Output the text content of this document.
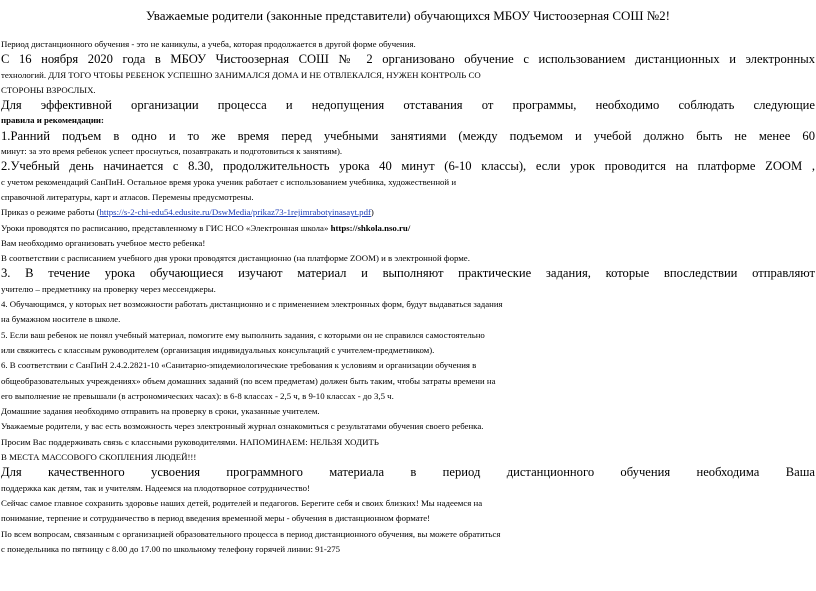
Уважаемые родители (законные представители) обучающихся МБОУ Чистоозерная СОШ №2!
Период дистанционного обучения - это не каникулы, а учеба, которая продолжается в другой форме обучения.
С 16 ноября 2020 года в МБОУ Чистоозерная СОШ № 2 организовано обучение с использованием дистанционных и электронных
технологий. ДЛЯ ТОГО ЧТОБЫ РЕБЕНОК УСПЕШНО ЗАНИМАЛСЯ ДОМА И НЕ ОТВЛЕКАЛСЯ, НУЖЕН КОНТРОЛЬ СО
СТОРОНЫ ВЗРОСЛЫХ.
Для эффективной организации процесса и недопущения отставания от программы, необходимо соблюдать следующие
правила и рекомендации:
1.Ранний подъем в одно и то же время перед учебными занятиями (между подъемом и учебой должно быть не менее 60
минут: за это время ребенок успеет проснуться, позавтракать и подготовиться к занятиям).
2.Учебный день начинается с 8.30, продолжительность урока 40 минут (6-10 классы), если урок проводится на платформе ZOOM ,
с учетом рекомендаций СанПиН. Остальное время урока ученик работает с использованием учебника, художественной и
справочной литературы, карт и атласов. Перемены предусмотрены.
Приказ о режиме работы (https://s-2-chi-edu54.edusite.ru/DswMedia/prikaz73-1rejimrabotyinasayt.pdf)
Уроки проводятся по расписанию, представленному в ГИС НСО «Электронная школа» https://shkola.nso.ru/
Вам необходимо организовать учебное место ребенка!
В соответствии с расписанием учебного дня уроки проводятся дистанционно (на платформе ZOOM) и в электронной форме.
3. В течение урока обучающиеся изучают материал и выполняют практические задания, которые впоследствии отправляют
учителю – предметнику на проверку через мессенджеры.
4. Обучающимся, у которых нет возможности работать дистанционно и с применением электронных форм, будут выдаваться задания
на бумажном носителе в школе.
5. Если ваш ребенок не понял учебный материал, помогите ему выполнить задания, с которыми он не справился самостоятельно
или свяжитесь с классным руководителем (организация индивидуальных консультаций с учителем-предметником).
6. В соответствии с СанПиН 2.4.2.2821-10 «Санитарно-эпидемиологические требования к условиям и организации обучения в
общеобразовательных учреждениях» объем домашних заданий (по всем предметам) должен быть таким, чтобы затраты времени на
его выполнение не превышали (в астрономических часах): в 6-8 классах - 2,5 ч, в 9-10 классах - до 3,5 ч.
Домашние задания необходимо отправить на проверку в сроки, указанные учителем.
Уважаемые родители, у вас есть возможность через электронный журнал ознакомиться с результатами обучения своего ребенка.
Просим Вас поддерживать связь с классными руководителями. НАПОМИНАЕМ: НЕЛЬЗЯ ХОДИТЬ
В МЕСТА МАССОВОГО СКОПЛЕНИЯ ЛЮДЕЙ!!!
Для качественного усвоения программного материала в период дистанционного обучения необходима Ваша
поддержка как детям, так и учителям. Надеемся на плодотворное сотрудничество!
Сейчас самое главное сохранить здоровье наших детей, родителей и педагогов. Берегите себя и своих близких! Мы надеемся на
понимание, терпение и сотрудничество в период введения временной меры - обучения в дистанционном формате!
По всем вопросам, связанным с организацией образовательного процесса в период дистанционного обучения, вы можете обратиться
с понедельника по пятницу с 8.00 до 17.00 по школьному телефону горячей линии: 91-275
